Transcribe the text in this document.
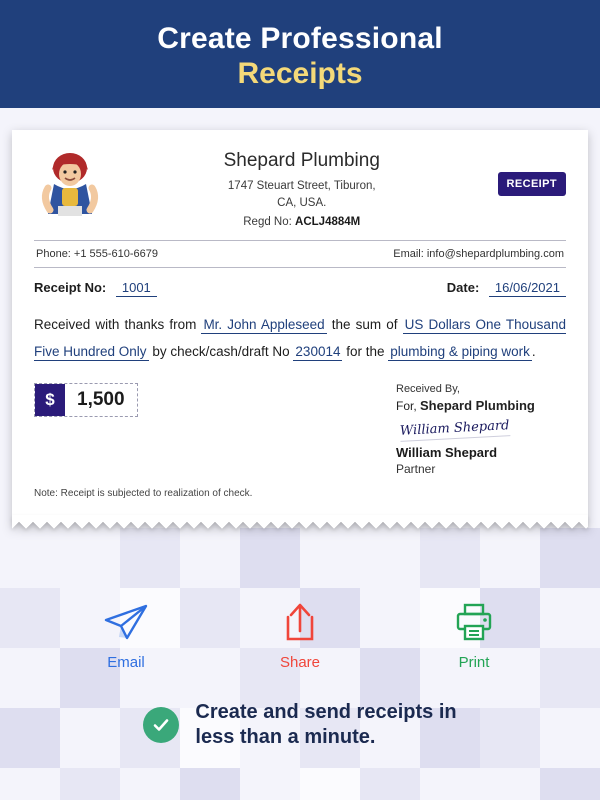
Create Professional
Receipts
Shepard Plumbing
1747 Steuart Street, Tiburon,
CA, USA.
Regd No: ACLJ4884M
RECEIPT
Phone: +1 555-610-6679	Email: info@shepardplumbing.com
Receipt No: 1001	Date: 16/06/2021
Received with thanks from Mr. John Appleseed the sum of US Dollars One Thousand Five Hundred Only by check/cash/draft No 230014 for the plumbing & piping work .
$	1,500	Received By,
For, Shepard Plumbing
William Shepard
William Shepard
Partner
Note: Receipt is subjected to realization of check.
Email	Share	Print
Create and send receipts in
less than a minute.
